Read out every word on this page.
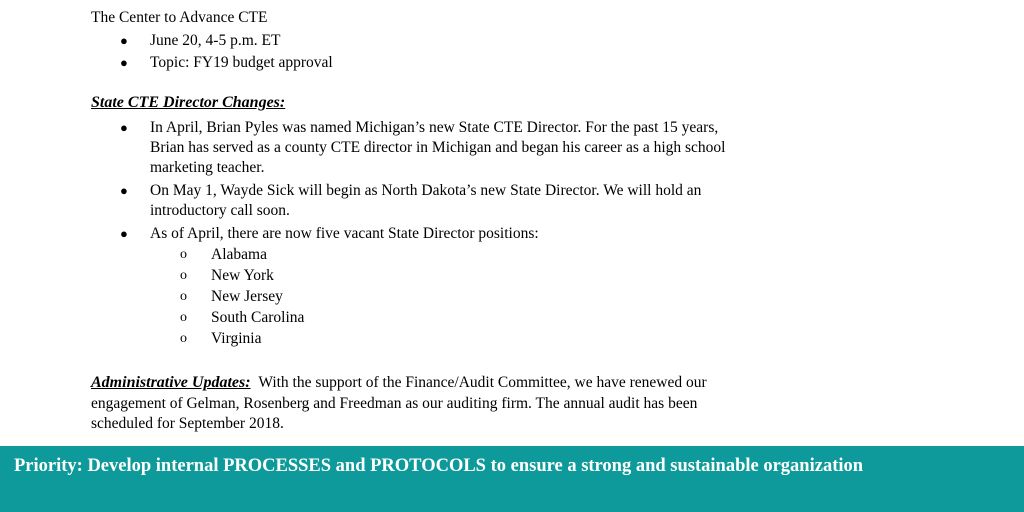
The Center to Advance CTE
● June 20, 4-5 p.m. ET
● Topic: FY19 budget approval
State CTE Director Changes:
● In April, Brian Pyles was named Michigan’s new State CTE Director. For the past 15 years,
Brian has served as a county CTE director in Michigan and began his career as a high school
marketing teacher.
● On May 1, Wayde Sick will begin as North Dakota’s new State Director. We will hold an
introductory call soon.
● As of April, there are now five vacant State Director positions:
o Alabama
o New York
o New Jersey
o South Carolina
o Virginia
Administrative Updates: With the support of the Finance/Audit Committee, we have renewed our
engagement of Gelman, Rosenberg and Freedman as our auditing firm. The annual audit has been
scheduled for September 2018.
Priority: Develop internal PROCESSES and PROTOCOLS to ensure a strong and sustainable organization
